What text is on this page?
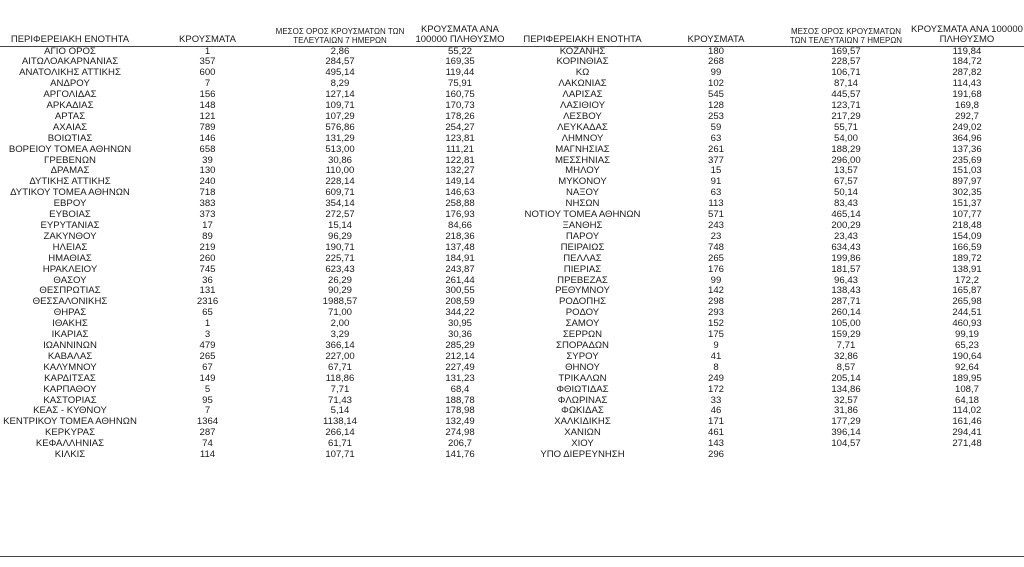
ΠΕΡΙΦΕΡΕΙΑΚΗ ΕΝΟΤΗΤΑ	ΚΡΟΥΣΜΑΤΑ	ΜΕΣΟΣ ΟΡΟΣ ΚΡΟΥΣΜΑΤΩΝ ΤΩΝ ΤΕΛΕΥΤΑΙΩΝ 7 ΗΜΕΡΩΝ	ΚΡΟΥΣΜΑΤΑ ΑΝΑ 100000 ΠΛΗΘΥΣΜΟ
ΑΓΙΟ ΟΡΟΣ	1	2,86	55,22
ΑΙΤΩΛΟΑΚΑΡΝΑΝΙΑΣ	357	284,57	169,35
ΑΝΑΤΟΛΙΚΗΣ ΑΤΤΙΚΗΣ	600	495,14	119,44
ΑΝΔΡΟΥ	7	8,29	75,91
ΑΡΓΟΛΙΔΑΣ	156	127,14	160,75
ΑΡΚΑΔΙΑΣ	148	109,71	170,73
ΑΡΤΑΣ	121	107,29	178,26
ΑΧΑΪΑΣ	789	576,86	254,27
ΒΟΙΩΤΙΑΣ	146	131,29	123,81
ΒΟΡΕΙΟΥ ΤΟΜΕΑ ΑΘΗΝΩΝ	658	513,00	111,21
ΓΡΕΒΕΝΩΝ	39	30,86	122,81
ΔΡΑΜΑΣ	130	110,00	132,27
ΔΥΤΙΚΗΣ ΑΤΤΙΚΗΣ	240	228,14	149,14
ΔΥΤΙΚΟΥ ΤΟΜΕΑ ΑΘΗΝΩΝ	718	609,71	146,63
ΕΒΡΟΥ	383	354,14	258,88
ΕΥΒΟΙΑΣ	373	272,57	176,93
ΕΥΡΥΤΑΝΙΑΣ	17	15,14	84,66
ΖΑΚΥΝΘΟΥ	89	96,29	218,36
ΗΛΕΙΑΣ	219	190,71	137,48
ΗΜΑΘΙΑΣ	260	225,71	184,91
ΗΡΑΚΛΕΙΟΥ	745	623,43	243,87
ΘΑΣΟΥ	36	26,29	261,44
ΘΕΣΠΡΩΤΙΑΣ	131	90,29	300,55
ΘΕΣΣΑΛΟΝΙΚΗΣ	2316	1988,57	208,59
ΘΗΡΑΣ	65	71,00	344,22
ΙΘΑΚΗΣ	1	2,00	30,95
ΙΚΑΡΙΑΣ	3	3,29	30,36
ΙΩΑΝΝΙΝΩΝ	479	366,14	285,29
ΚΑΒΑΛΑΣ	265	227,00	212,14
ΚΑΛΥΜΝΟΥ	67	67,71	227,49
ΚΑΡΔΙΤΣΑΣ	149	118,86	131,23
ΚΑΡΠΑΘΟΥ	5	7,71	68,4
ΚΑΣΤΟΡΙΑΣ	95	71,43	188,78
ΚΕΑΣ - ΚΥΘΝΟΥ	7	5,14	178,98
ΚΕΝΤΡΙΚΟΥ ΤΟΜΕΑ ΑΘΗΝΩΝ	1364	1138,14	132,49
ΚΕΡΚΥΡΑΣ	287	266,14	274,98
ΚΕΦΑΛΛΗΝΙΑΣ	74	61,71	206,7
ΚΙΛΚΙΣ	114	107,71	141,76
ΠΕΡΙΦΕΡΕΙΑΚΗ ΕΝΟΤΗΤΑ	ΚΡΟΥΣΜΑΤΑ	ΜΕΣΟΣ ΟΡΟΣ ΚΡΟΥΣΜΑΤΩΝ ΤΩΝ ΤΕΛΕΥΤΑΙΩΝ 7 ΗΜΕΡΩΝ	ΚΡΟΥΣΜΑΤΑ ΑΝΑ 100000 ΠΛΗΘΥΣΜΟ
ΚΟΖΑΝΗΣ	180	169,57	119,84
ΚΟΡΙΝΘΙΑΣ	268	228,57	184,72
ΚΩ	99	106,71	287,82
ΛΑΚΩΝΙΑΣ	102	87,14	114,43
ΛΑΡΙΣΑΣ	545	445,57	191,68
ΛΑΣΙΘΙΟΥ	128	123,71	169,8
ΛΕΣΒΟΥ	253	217,29	292,7
ΛΕΥΚΑΔΑΣ	59	55,71	249,02
ΛΗΜΝΟΥ	63	54,00	364,96
ΜΑΓΝΗΣΙΑΣ	261	188,29	137,36
ΜΕΣΣΗΝΙΑΣ	377	296,00	235,69
ΜΗΛΟΥ	15	13,57	151,03
ΜΥΚΟΝΟΥ	91	67,57	897,97
ΝΑΞΟΥ	63	50,14	302,35
ΝΗΣΩΝ	113	83,43	151,37
ΝΟΤΙΟΥ ΤΟΜΕΑ ΑΘΗΝΩΝ	571	465,14	107,77
ΞΑΝΘΗΣ	243	200,29	218,48
ΠΑΡΟΥ	23	23,43	154,09
ΠΕΙΡΑΙΩΣ	748	634,43	166,59
ΠΕΛΛΑΣ	265	199,86	189,72
ΠΙΕΡΙΑΣ	176	181,57	138,91
ΠΡΕΒΕΖΑΣ	99	96,43	172,2
ΡΕΘΥΜΝΟΥ	142	138,43	165,87
ΡΟΔΟΠΗΣ	298	287,71	265,98
ΡΟΔΟΥ	293	260,14	244,51
ΣΑΜΟΥ	152	105,00	460,93
ΣΕΡΡΩΝ	175	159,29	99,19
ΣΠΟΡΑΔΩΝ	9	7,71	65,23
ΣΥΡΟΥ	41	32,86	190,64
ΘΗΝΟΥ	8	8,57	92,64
ΤΡΙΚΑΛΩΝ	249	205,14	189,95
ΦΘΙΩΤΙΔΑΣ	172	134,86	108,7
ΦΛΩΡΙΝΑΣ	33	32,57	64,18
ΦΩΚΙΔΑΣ	46	31,86	114,02
ΧΑΛΚΙΔΙΚΗΣ	171	177,29	161,46
ΧΑΝΙΩΝ	461	396,14	294,41
ΧΙΟΥ	143	104,57	271,48
ΥΠΟ ΔΙΕΡΕΥΝΗΣΗ	296		
